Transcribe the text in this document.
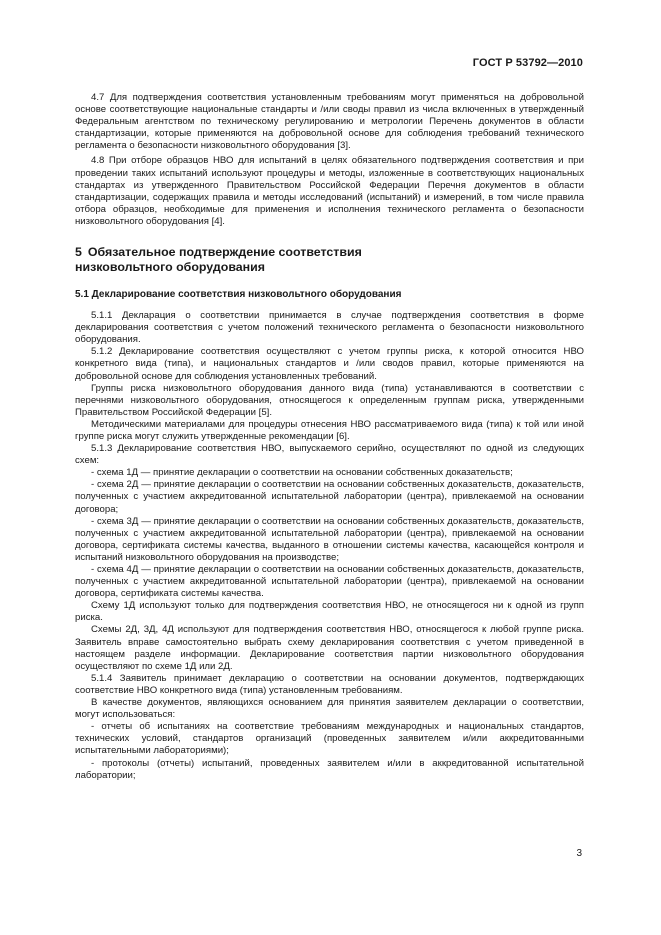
ГОСТ Р 53792—2010

4.7 Для подтверждения соответствия установленным требованиям могут применяться на добровольной основе соответствующие национальные стандарты и /или своды правил из числа включенных в утвержденный Федеральным агентством по техническому регулированию и метрологии Перечень документов в области стандартизации, которые применяются на добровольной основе для соблюдения требований технического регламента о безопасности низковольтного оборудования [3].

4.8 При отборе образцов НВО для испытаний в целях обязательного подтверждения соответствия и при проведении таких испытаний используют процедуры и методы, изложенные в соответствующих национальных стандартах из утвержденного Правительством Российской Федерации Перечня документов в области стандартизации, содержащих правила и методы исследований (испытаний) и измерений, в том числе правила отбора образцов, необходимые для применения и исполнения технического регламента о безопасности низковольтного оборудования [4].

5 Обязательное подтверждение соответствия
низковольтного оборудования
5.1 Декларирование соответствия низковольтного оборудования

5.1.1 Декларация о соответствии принимается в случае подтверждения соответствия в форме декларирования соответствия с учетом положений технического регламента о безопасности низковольтного оборудования.

5.1.2 Декларирование соответствия осуществляют с учетом группы риска, к которой относится НВО конкретного вида (типа), и национальных стандартов и /или сводов правил, которые применяются на добровольной основе для соблюдения установленных требований.

Группы риска низковольтного оборудования данного вида (типа) устанавливаются в соответствии с перечнями низковольтного оборудования, относящегося к определенным группам риска, утвержденными Правительством Российской Федерации [5].

Методическими материалами для процедуры отнесения НВО рассматриваемого вида (типа) к той или иной группе риска могут служить утвержденные рекомендации [6].

5.1.3 Декларирование соответствия НВО, выпускаемого серийно, осуществляют по одной из следующих схем:

- схема 1Д — принятие декларации о соответствии на основании собственных доказательств;

- схема 2Д — принятие декларации о соответствии на основании собственных доказательств, доказательств, полученных с участием аккредитованной испытательной лаборатории (центра), привлекаемой на основании договора;

- схема 3Д — принятие декларации о соответствии на основании собственных доказательств, доказательств, полученных с участием аккредитованной испытательной лаборатории (центра), привлекаемой на основании договора, сертификата системы качества, выданного в отношении системы качества, касающейся контроля и испытаний низковольтного оборудования на производстве;

- схема 4Д — принятие декларации о соответствии на основании собственных доказательств, доказательств, полученных с участием аккредитованной испытательной лаборатории (центра), привлекаемой на основании договора, сертификата системы качества.

Схему 1Д используют только для подтверждения соответствия НВО, не относящегося ни к одной из групп риска.

Схемы 2Д, 3Д, 4Д используют для подтверждения соответствия НВО, относящегося к любой группе риска. Заявитель вправе самостоятельно выбрать схему декларирования соответствия с учетом приведенной в настоящем разделе информации. Декларирование соответствия партии низковольтного оборудования осуществляют по схеме 1Д или 2Д.

5.1.4 Заявитель принимает декларацию о соответствии на основании документов, подтверждающих соответствие НВО конкретного вида (типа) установленным требованиям.

В качестве документов, являющихся основанием для принятия заявителем декларации о соответствии, могут использоваться:

- отчеты об испытаниях на соответствие требованиям международных и национальных стандартов, технических условий, стандартов организаций (проведенных заявителем и/или аккредитованными испытательными лабораториями);

- протоколы (отчеты) испытаний, проведенных заявителем и/или в аккредитованной испытательной лаборатории;

3
